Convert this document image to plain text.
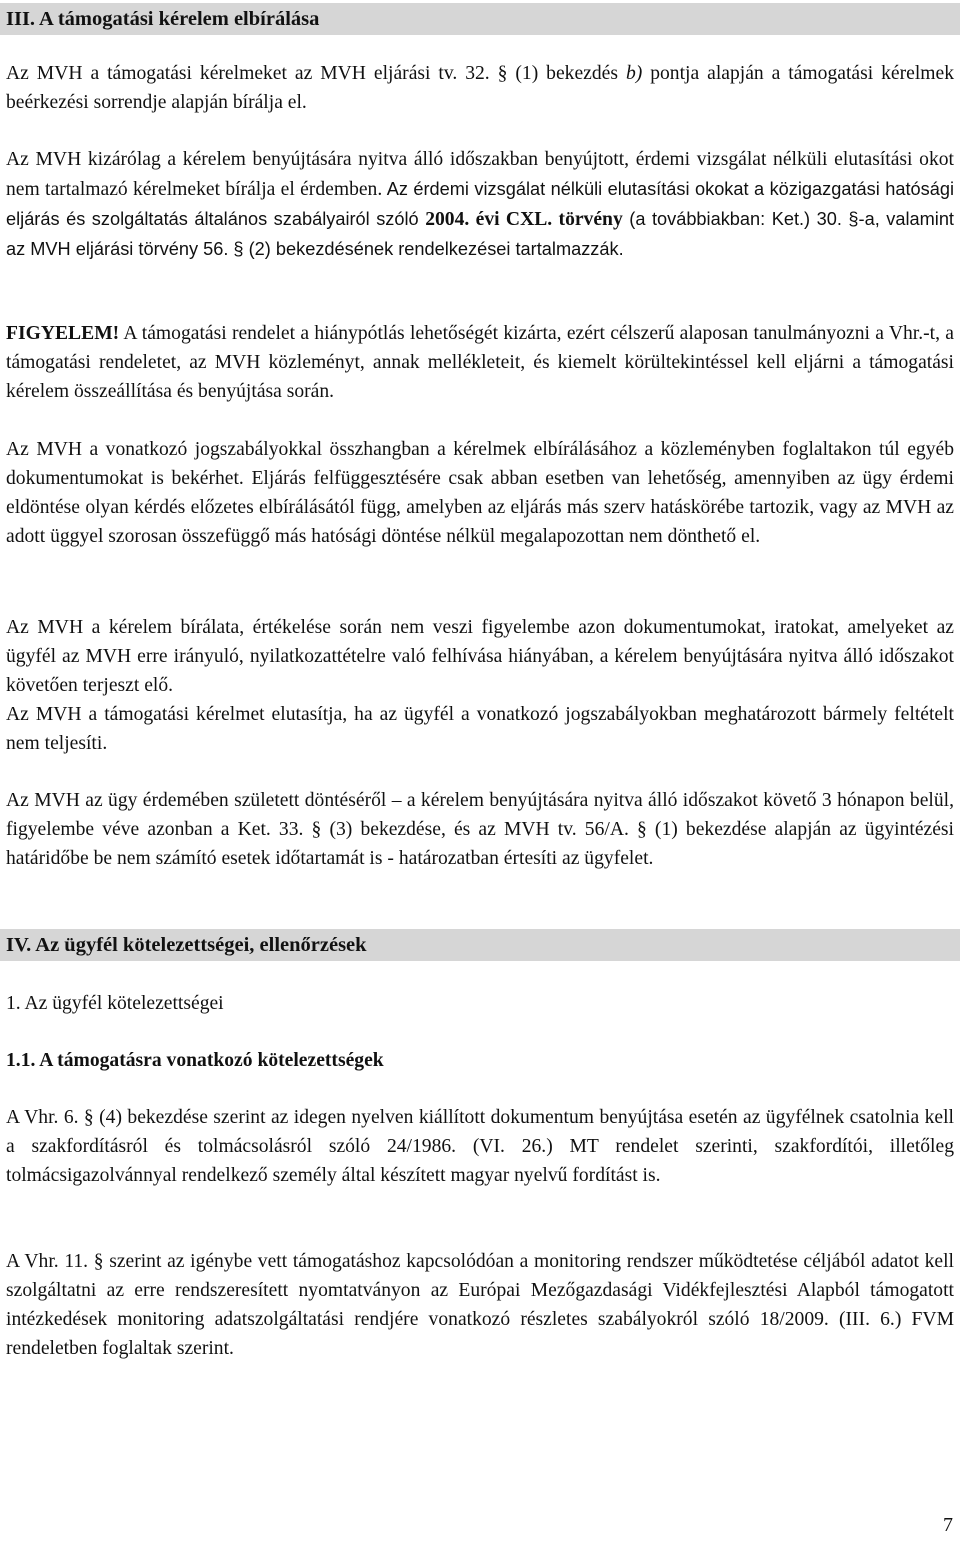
III. A támogatási kérelem elbírálása

Az MVH a támogatási kérelmeket az MVH eljárási tv. 32. § (1) bekezdés b) pontja alapján a támogatási kérelmek beérkezési sorrendje alapján bírálja el.

Az MVH kizárólag a kérelem benyújtására nyitva álló időszakban benyújtott, érdemi vizsgálat nélküli elutasítási okot nem tartalmazó kérelmeket bírálja el érdemben. Az érdemi vizsgálat nélküli elutasítási okokat a közigazgatási hatósági eljárás és szolgáltatás általános szabályairól szóló 2004. évi CXL. törvény (a továbbiakban: Ket.) 30. §-a, valamint az MVH eljárási törvény 56. § (2) bekezdésének rendelkezései tartalmazzák.

FIGYELEM! A támogatási rendelet a hiánypótlás lehetőségét kizárta, ezért célszerű alaposan tanulmányozni a Vhr.-t, a támogatási rendeletet, az MVH közleményt, annak mellékleteit, és kiemelt körültekintéssel kell eljárni a támogatási kérelem összeállítása és benyújtása során.

Az MVH a vonatkozó jogszabályokkal összhangban a kérelmek elbírálásához a közleményben foglaltakon túl egyéb dokumentumokat is bekérhet. Eljárás felfüggesztésére csak abban esetben van lehetőség, amennyiben az ügy érdemi eldöntése olyan kérdés előzetes elbírálásától függ, amelyben az eljárás más szerv hatáskörébe tartozik, vagy az MVH az adott üggyel szorosan összefüggő más hatósági döntése nélkül megalapozottan nem dönthető el.

Az MVH a kérelem bírálata, értékelése során nem veszi figyelembe azon dokumentumokat, iratokat, amelyeket az ügyfél az MVH erre irányuló, nyilatkozattételre való felhívása hiányában, a kérelem benyújtására nyitva álló időszakot követően terjeszt elő.

Az MVH a támogatási kérelmet elutasítja, ha az ügyfél a vonatkozó jogszabályokban meghatározott bármely feltételt nem teljesíti.

Az MVH az ügy érdemében született döntéséről – a kérelem benyújtására nyitva álló időszakot követő 3 hónapon belül, figyelembe véve azonban a Ket. 33. § (3) bekezdése, és az MVH tv. 56/A. § (1) bekezdése alapján az ügyintézési határidőbe be nem számító esetek időtartamát is - határozatban értesíti az ügyfelet.

IV. Az ügyfél kötelezettségei, ellenőrzések

1. Az ügyfél kötelezettségei

1.1. A támogatásra vonatkozó kötelezettségek

A Vhr. 6. § (4) bekezdése szerint az idegen nyelven kiállított dokumentum benyújtása esetén az ügyfélnek csatolnia kell a szakfordításról és tolmácsolásról szóló 24/1986. (VI. 26.) MT rendelet szerinti, szakfordítói, illetőleg tolmácsigazolvánnyal rendelkező személy által készített magyar nyelvű fordítást is.

A Vhr. 11. § szerint az igénybe vett támogatáshoz kapcsolódóan a monitoring rendszer működtetése céljából adatot kell szolgáltatni az erre rendszeresített nyomtatványon az Európai Mezőgazdasági Vidékfejlesztési Alapból támogatott intézkedések monitoring adatszolgáltatási rendjére vonatkozó részletes szabályokról szóló 18/2009. (III. 6.) FVM rendeletben foglaltak szerint.

7
